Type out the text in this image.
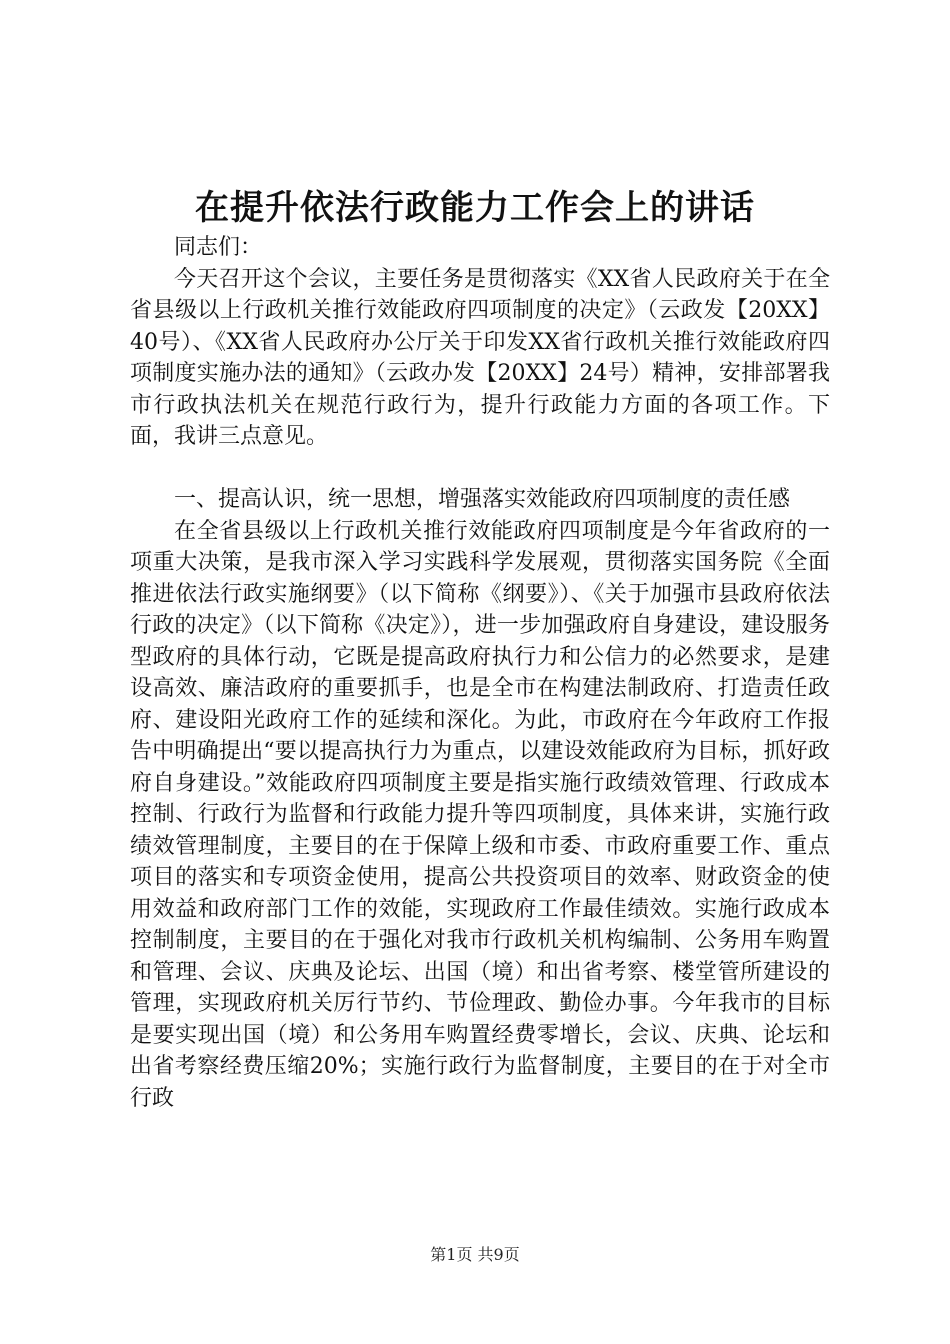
在提升依法行政能力工作会上的讲话

同志们：

今天召开这个会议，主要任务是贯彻落实《XX省人民政府关于在全省县级以上行政机关推行效能政府四项制度的决定》（云政发【20XX】40号）、《XX省人民政府办公厅关于印发XX省行政机关推行效能政府四项制度实施办法的通知》（云政办发【20XX】24号）精神，安排部署我市行政执法机关在规范行政行为，提升行政能力方面的各项工作。下面，我讲三点意见。

一、提高认识，统一思想，增强落实效能政府四项制度的责任感

在全省县级以上行政机关推行效能政府四项制度是今年省政府的一项重大决策，是我市深入学习实践科学发展观，贯彻落实国务院《全面推进依法行政实施纲要》（以下简称《纲要》）、《关于加强市县政府依法行政的决定》（以下简称《决定》），进一步加强政府自身建设，建设服务型政府的具体行动，它既是提高政府执行力和公信力的必然要求，是建设高效、廉洁政府的重要抓手，也是全市在构建法制政府、打造责任政府、建设阳光政府工作的延续和深化。为此，市政府在今年政府工作报告中明确提出“要以提高执行力为重点，以建设效能政府为目标，抓好政府自身建设。”效能政府四项制度主要是指实施行政绩效管理、行政成本控制、行政行为监督和行政能力提升等四项制度，具体来讲，实施行政绩效管理制度，主要目的在于保障上级和市委、市政府重要工作、重点项目的落实和专项资金使用，提高公共投资项目的效率、财政资金的使用效益和政府部门工作的效能，实现政府工作最佳绩效。实施行政成本控制制度，主要目的在于强化对我市行政机关机构编制、公务用车购置和管理、会议、庆典及论坛、出国（境）和出省考察、楼堂管所建设的管理，实现政府机关厉行节约、节俭理政、勤俭办事。今年我市的目标是要实现出国（境）和公务用车购置经费零增长，会议、庆典、论坛和出省考察经费压缩20%；实施行政行为监督制度，主要目的在于对全市行政

第1页 共9页
